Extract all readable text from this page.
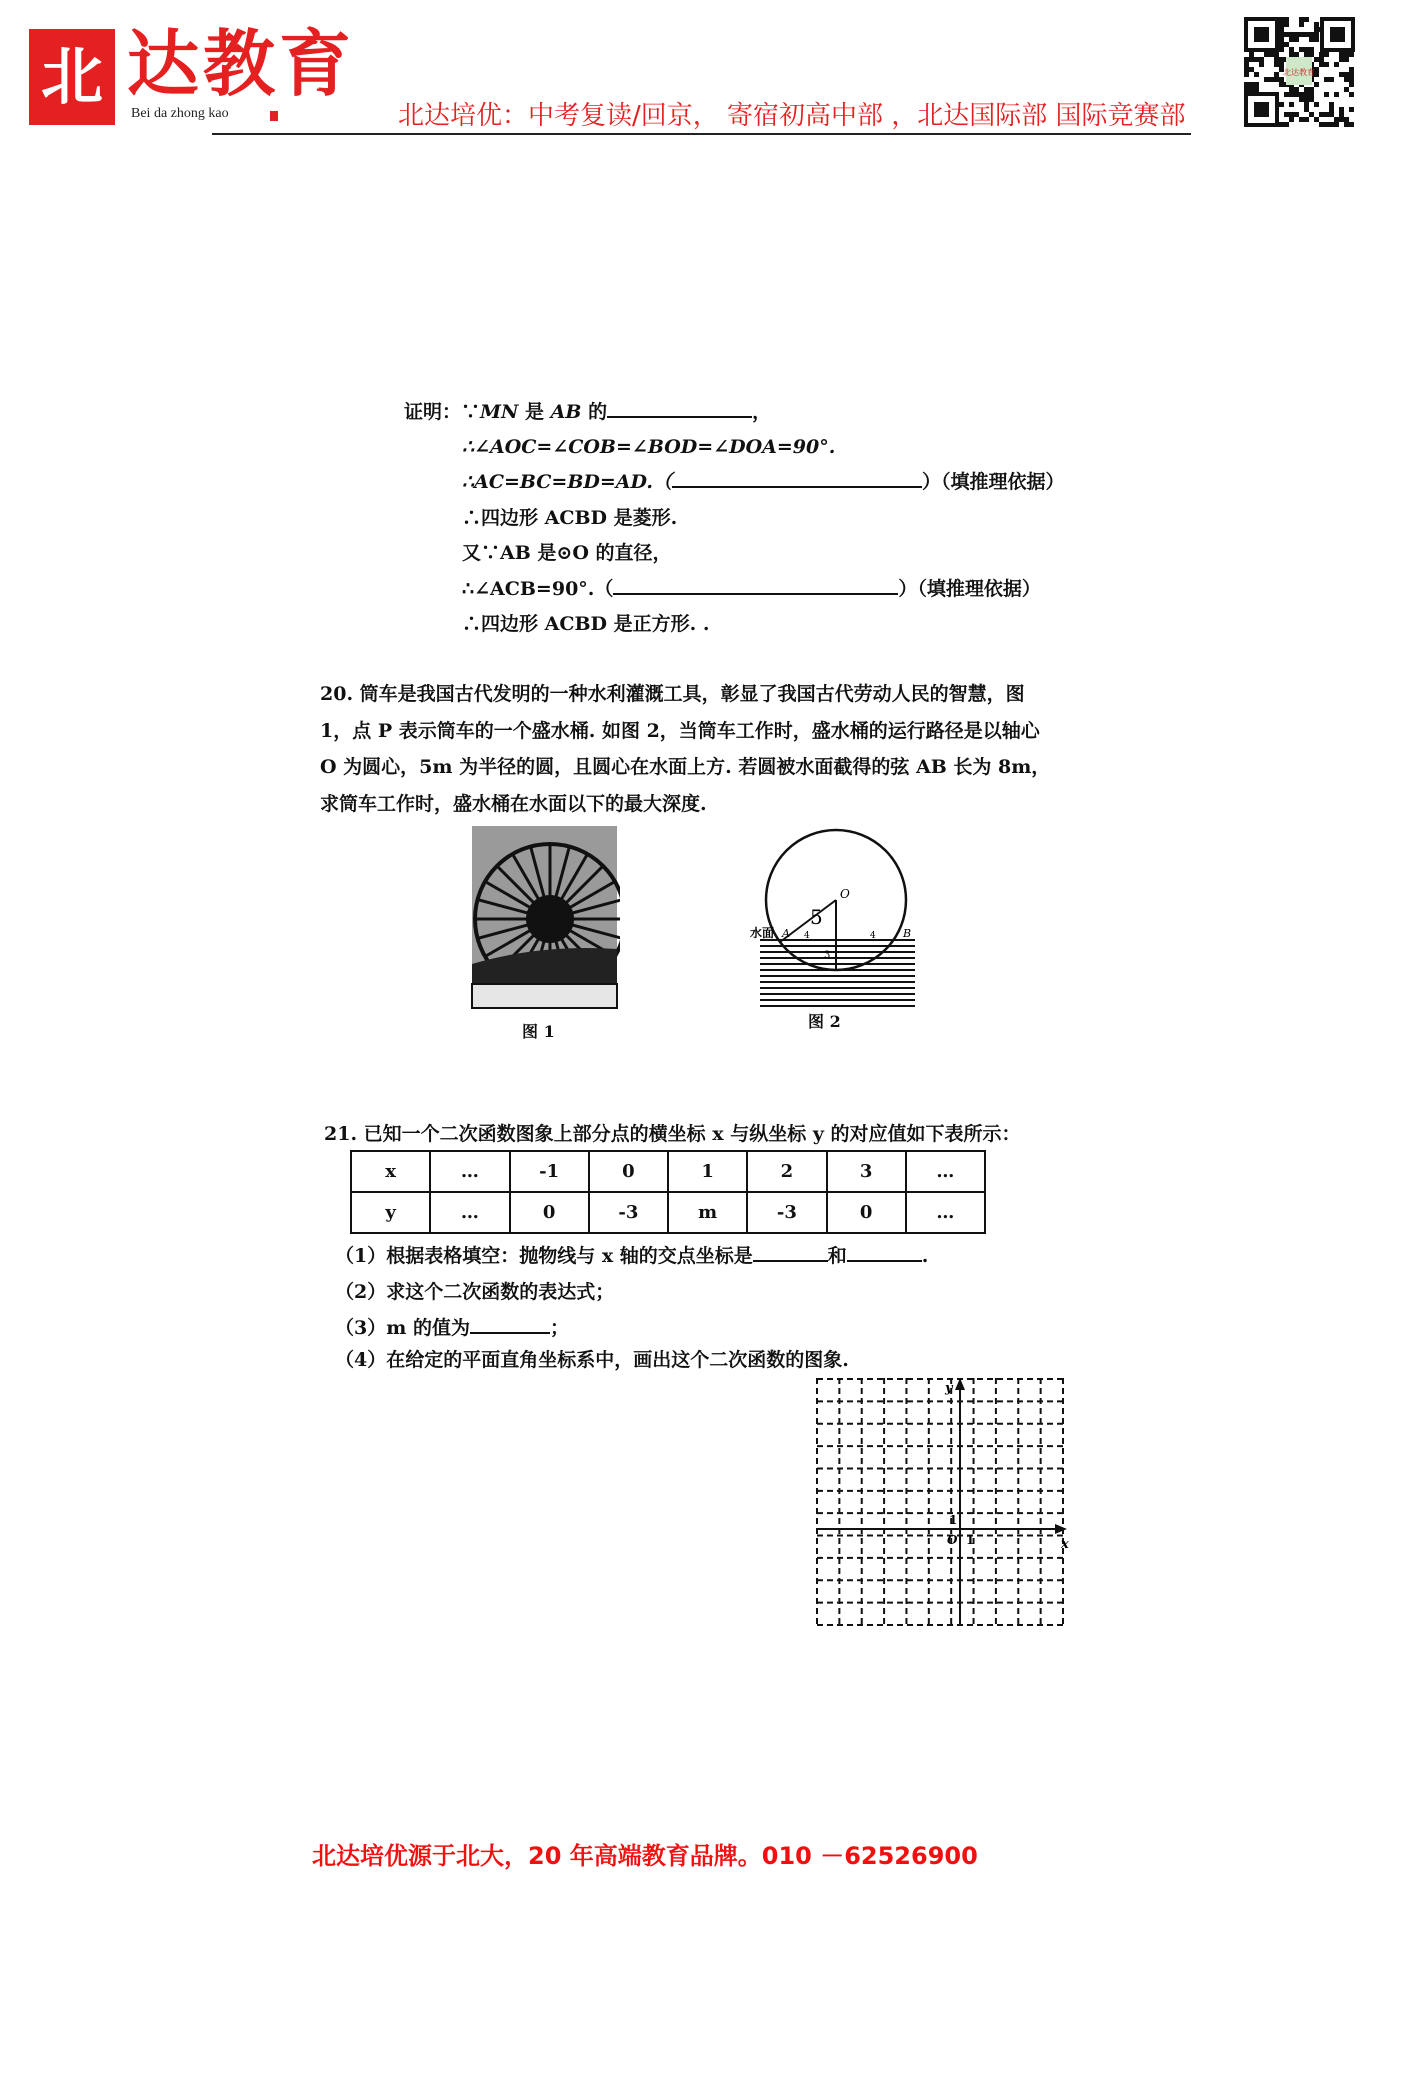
北 达教育
Bei da zhong kao	北达培优：中考复读/回京， 寄宿初高中部 ，北达国际部 国际竞赛部
北达教育
证明：∵MN 是 AB 的	，
∴∠AOC=∠COB=∠BOD=∠DOA=90°.
∴AC=BC=BD=AD.（	）（填推理依据）
∴四边形 ACBD 是菱形.
又∵AB 是⊙O 的直径，
∴∠ACB=90°.（	）（填推理依据）
∴四边形 ACBD 是正方形. .
20. 筒车是我国古代发明的一种水利灌溉工具，彰显了我国古代劳动人民的智慧，图 1，点 P 表示筒车的一个盛水桶. 如图 2，当筒车工作时，盛水桶的运行路径是以轴心 O 为圆心，5m 为半径的圆，且圆心在水面上方. 若圆被水面截得的弦 AB 长为 8m，求筒车工作时，盛水桶在水面以下的最大深度.
图 1
水面 A	B
O
5
4	4
3
图 2
21. 已知一个二次函数图象上部分点的横坐标 x 与纵坐标 y 的对应值如下表所示：
x	…	-1	0	1	2	3	…
y	…	0	-3	m	-3	0	…
（1）根据表格填空：抛物线与 x 轴的交点坐标是	和	.
（2）求这个二次函数的表达式；
（3）m 的值为	；
（4）在给定的平面直角坐标系中，画出这个二次函数的图象.
x
y
O 1
1
北达培优源于北大，20 年高端教育品牌。010 －62526900
